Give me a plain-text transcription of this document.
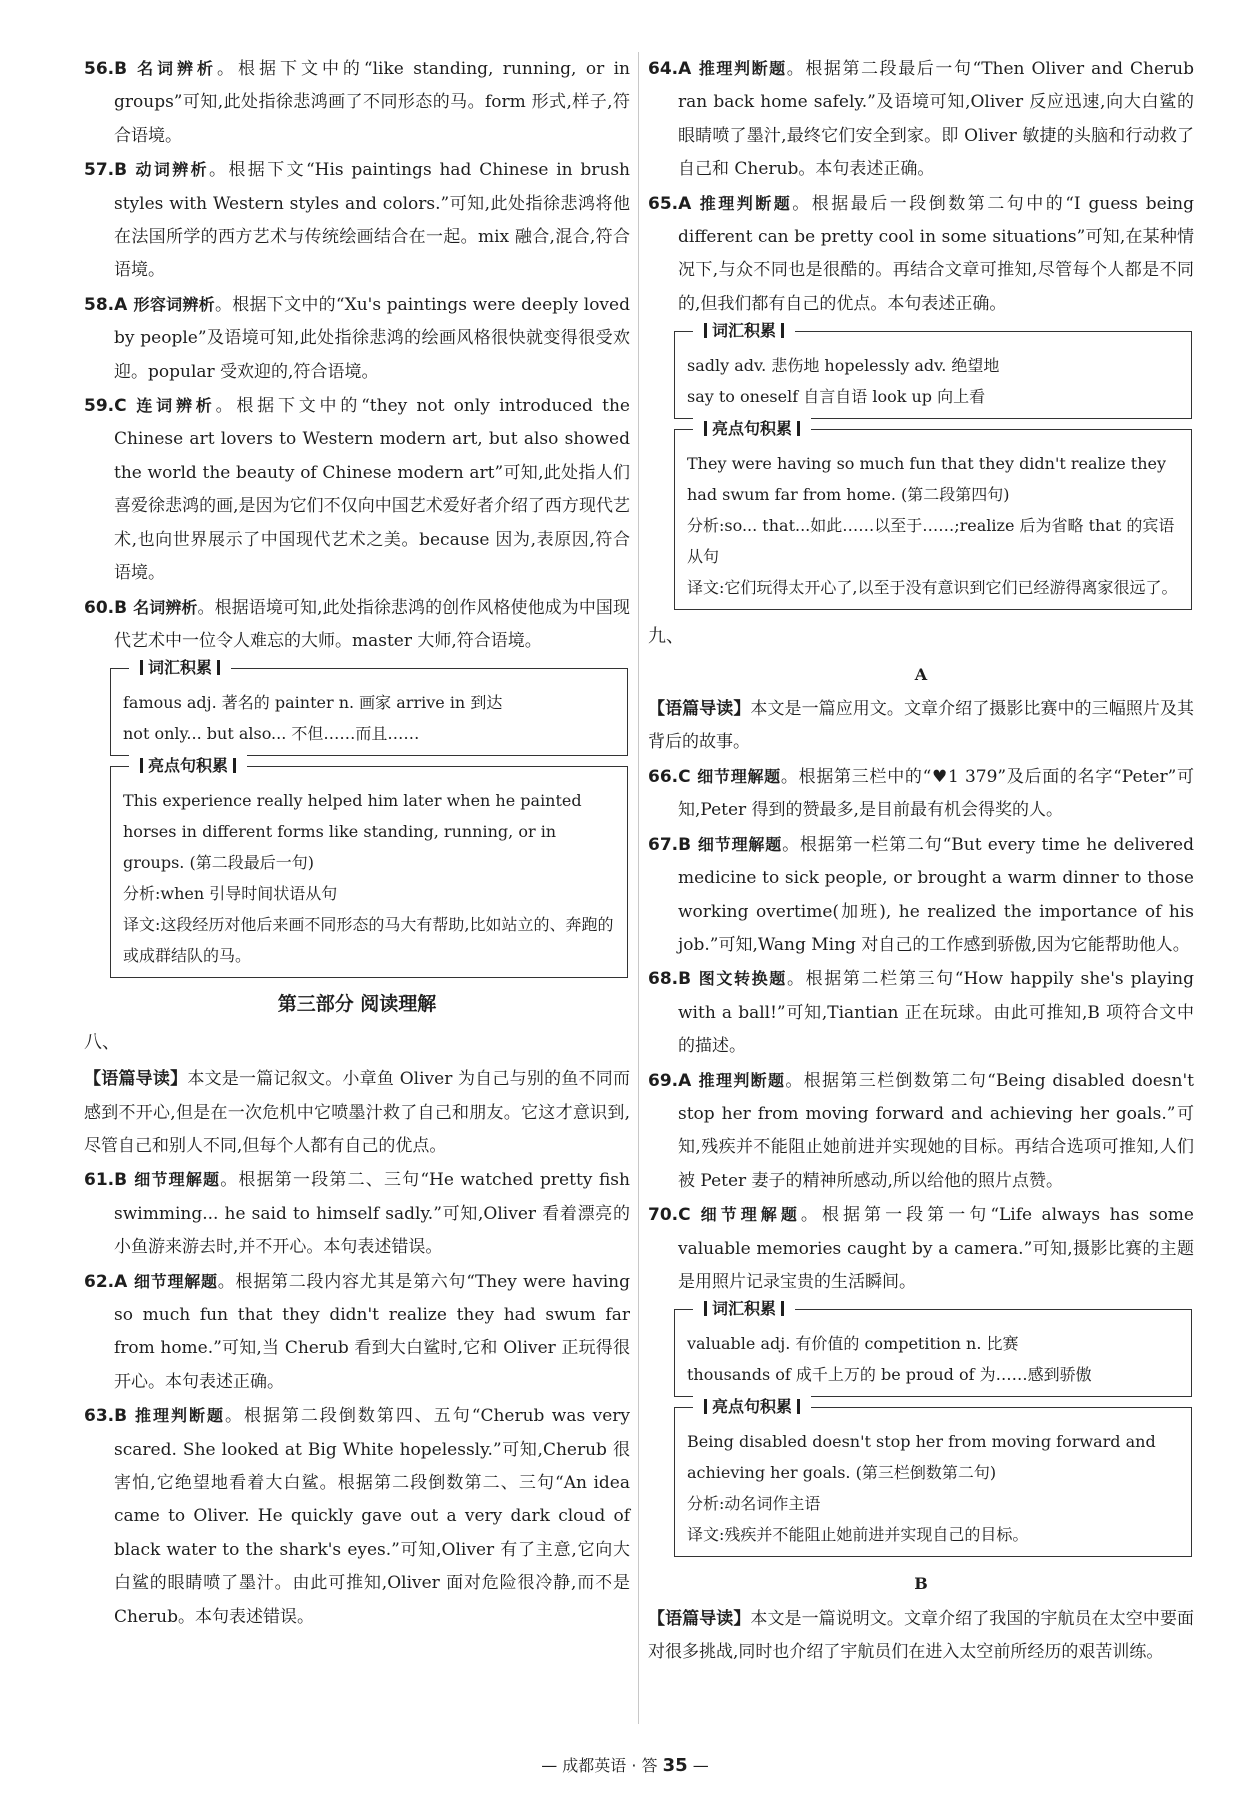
56.B 名词辨析。根据下文中的“like standing, running, or in groups”可知,此处指徐悲鸿画了不同形态的马。form 形式,样子,符合语境。

57.B 动词辨析。根据下文“His paintings had Chinese in brush styles with Western styles and colors.”可知,此处指徐悲鸿将他在法国所学的西方艺术与传统绘画结合在一起。mix 融合,混合,符合语境。

58.A 形容词辨析。根据下文中的“Xu's paintings were deeply loved by people”及语境可知,此处指徐悲鸿的绘画风格很快就变得很受欢迎。popular 受欢迎的,符合语境。

59.C 连词辨析。根据下文中的“they not only introduced the Chinese art lovers to Western modern art, but also showed the world the beauty of Chinese modern art”可知,此处指人们喜爱徐悲鸿的画,是因为它们不仅向中国艺术爱好者介绍了西方现代艺术,也向世界展示了中国现代艺术之美。because 因为,表原因,符合语境。

60.B 名词辨析。根据语境可知,此处指徐悲鸿的创作风格使他成为中国现代艺术中一位令人难忘的大师。master 大师,符合语境。

词汇积累
famous adj. 著名的 painter n. 画家 arrive in 到达
not only... but also... 不但……而且……
亮点句积累
This experience really helped him later when he painted horses in different forms like standing, running, or in groups. (第二段最后一句)
分析:when 引导时间状语从句
译文:这段经历对他后来画不同形态的马大有帮助,比如站立的、奔跑的或成群结队的马。
第三部分 阅读理解
八、

【语篇导读】本文是一篇记叙文。小章鱼 Oliver 为自己与别的鱼不同而感到不开心,但是在一次危机中它喷墨汁救了自己和朋友。它这才意识到,尽管自己和别人不同,但每个人都有自己的优点。

61.B 细节理解题。根据第一段第二、三句“He watched pretty fish swimming... he said to himself sadly.”可知,Oliver 看着漂亮的小鱼游来游去时,并不开心。本句表述错误。

62.A 细节理解题。根据第二段内容尤其是第六句“They were having so much fun that they didn't realize they had swum far from home.”可知,当 Cherub 看到大白鲨时,它和 Oliver 正玩得很开心。本句表述正确。

63.B 推理判断题。根据第二段倒数第四、五句“Cherub was very scared. She looked at Big White hopelessly.”可知,Cherub 很害怕,它绝望地看着大白鲨。根据第二段倒数第二、三句“An idea came to Oliver. He quickly gave out a very dark cloud of black water to the shark's eyes.”可知,Oliver 有了主意,它向大白鲨的眼睛喷了墨汁。由此可推知,Oliver 面对危险很冷静,而不是 Cherub。本句表述错误。

64.A 推理判断题。根据第二段最后一句“Then Oliver and Cherub ran back home safely.”及语境可知,Oliver 反应迅速,向大白鲨的眼睛喷了墨汁,最终它们安全到家。即 Oliver 敏捷的头脑和行动救了自己和 Cherub。本句表述正确。

65.A 推理判断题。根据最后一段倒数第二句中的“I guess being different can be pretty cool in some situations”可知,在某种情况下,与众不同也是很酷的。再结合文章可推知,尽管每个人都是不同的,但我们都有自己的优点。本句表述正确。

词汇积累
sadly adv. 悲伤地 hopelessly adv. 绝望地
say to oneself 自言自语 look up 向上看
亮点句积累
They were having so much fun that they didn't realize they had swum far from home. (第二段第四句)
分析:so... that...如此……以至于……;realize 后为省略 that 的宾语从句
译文:它们玩得太开心了,以至于没有意识到它们已经游得离家很远了。
九、
A

【语篇导读】本文是一篇应用文。文章介绍了摄影比赛中的三幅照片及其背后的故事。

66.C 细节理解题。根据第三栏中的“♥1 379”及后面的名字“Peter”可知,Peter 得到的赞最多,是目前最有机会得奖的人。

67.B 细节理解题。根据第一栏第二句“But every time he delivered medicine to sick people, or brought a warm dinner to those working overtime(加班), he realized the importance of his job.”可知,Wang Ming 对自己的工作感到骄傲,因为它能帮助他人。

68.B 图文转换题。根据第二栏第三句“How happily she's playing with a ball!”可知,Tiantian 正在玩球。由此可推知,B 项符合文中的描述。

69.A 推理判断题。根据第三栏倒数第二句“Being disabled doesn't stop her from moving forward and achieving her goals.”可知,残疾并不能阻止她前进并实现她的目标。再结合选项可推知,人们被 Peter 妻子的精神所感动,所以给他的照片点赞。

70.C 细节理解题。根据第一段第一句“Life always has some valuable memories caught by a camera.”可知,摄影比赛的主题是用照片记录宝贵的生活瞬间。

词汇积累
valuable adj. 有价值的 competition n. 比赛
thousands of 成千上万的 be proud of 为……感到骄傲
亮点句积累
Being disabled doesn't stop her from moving forward and achieving her goals. (第三栏倒数第二句)
分析:动名词作主语
译文:残疾并不能阻止她前进并实现自己的目标。
B

【语篇导读】本文是一篇说明文。文章介绍了我国的宇航员在太空中要面对很多挑战,同时也介绍了宇航员们在进入太空前所经历的艰苦训练。

— 成都英语 · 答 35 —
